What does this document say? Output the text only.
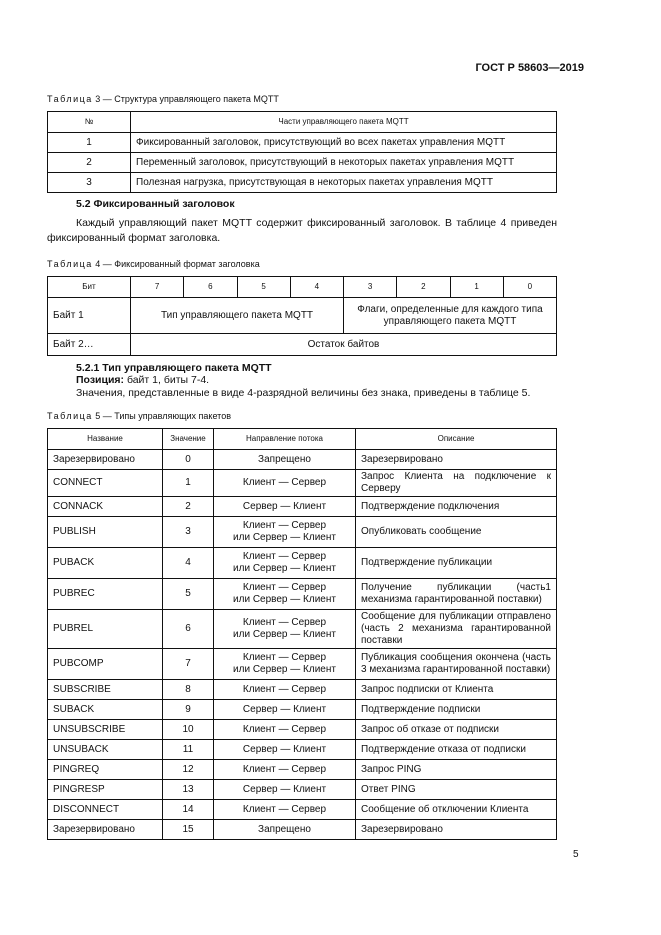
ГОСТ Р 58603—2019
Таблица 3 — Структура управляющего пакета MQTT
№	Части управляющего пакета MQTT
1	Фиксированный заголовок, присутствующий во всех пакетах управления MQTT
2	Переменный заголовок, присутствующий в некоторых пакетах управления MQTT
3	Полезная нагрузка, присутствующая в некоторых пакетах управления MQTT
5.2 Фиксированный заголовок
Каждый управляющий пакет MQTT содержит фиксированный заголовок. В таблице 4 приведен фиксированный формат заголовка.
Таблица 4 — Фиксированный формат заголовка
Бит	7	6	5	4	3	2	1	0
Байт 1	Тип управляющего пакета MQTT				Флаги, определенные для каждого типа управляющего пакета MQTT			
Байт 2…	Остаток байтов							
5.2.1 Тип управляющего пакета MQTT
Позиция: байт 1, биты 7-4.
Значения, представленные в виде 4-разрядной величины без знака, приведены в таблице 5.
Таблица 5 — Типы управляющих пакетов
Название	Значение	Направление потока	Описание
Зарезервировано	0	Запрещено	Зарезервировано
CONNECT	1	Клиент — Сервер	Запрос Клиента на подключение к Серверу
CONNACK	2	Сервер — Клиент	Подтверждение подключения
PUBLISH	3	Клиент — Сервер
или Сервер — Клиент	Опубликовать сообщение
PUBACK	4	Клиент — Сервер
или Сервер — Клиент	Подтверждение публикации
PUBREC	5	Клиент — Сервер
или Сервер — Клиент	Получение публикации (часть1 механизма гарантированной поставки)
PUBREL	6	Клиент — Сервер
или Сервер — Клиент	Сообщение для публикации отправлено (часть 2 механизма гарантированной поставки
PUBCOMP	7	Клиент — Сервер
или Сервер — Клиент	Публикация сообщения окончена (часть 3 механизма гарантированной поставки)
SUBSCRIBE	8	Клиент — Сервер	Запрос подписки от Клиента
SUBACK	9	Сервер — Клиент	Подтверждение подписки
UNSUBSCRIBE	10	Клиент — Сервер	Запрос об отказе от подписки
UNSUBACK	11	Сервер — Клиент	Подтверждение отказа от подписки
PINGREQ	12	Клиент — Сервер	Запрос PING
PINGRESP	13	Сервер — Клиент	Ответ PING
DISCONNECT	14	Клиент — Сервер	Сообщение об отключении Клиента
Зарезервировано	15	Запрещено	Зарезервировано
5
